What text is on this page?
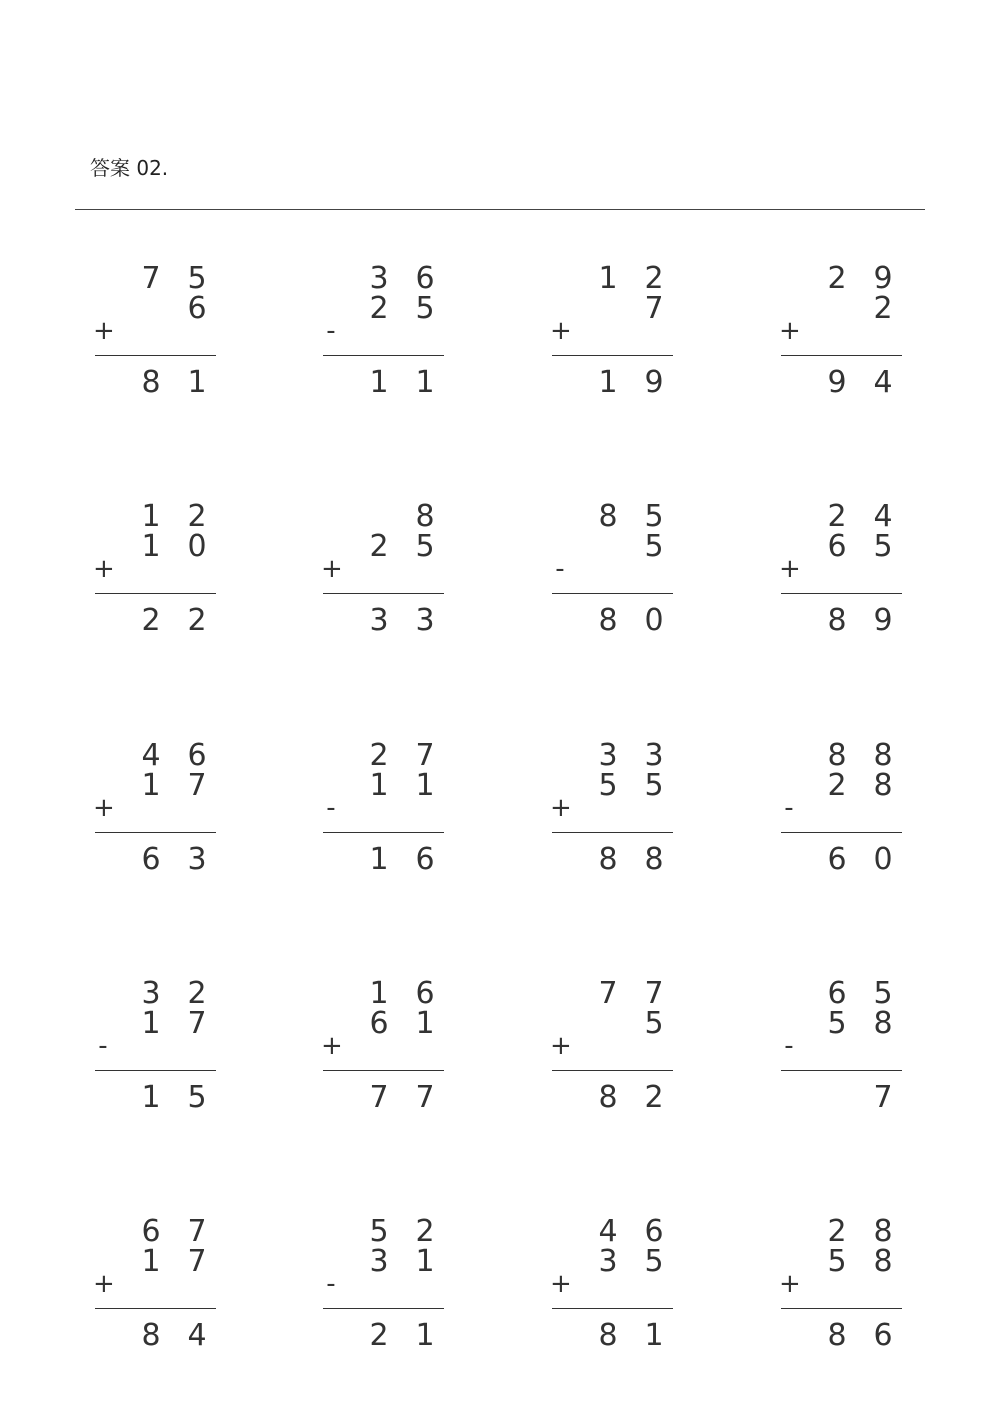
答案 02.
7 5
6
8 1
+
3 6
2 5
1 1
-
1 2
7
1 9
+
2 9
2
9 4
+
1 2
1 0
2 2
+
8
2 5
3 3
+
8 5
5
8 0
-
2 4
6 5
8 9
+
4 6
1 7
6 3
+
2 7
1 1
1 6
-
3 3
5 5
8 8
+
8 8
2 8
6 0
-
3 2
1 7
1 5
-
1 6
6 1
7 7
+
7 7
5
8 2
+
6 5
5 8
7
-
6 7
1 7
8 4
+
5 2
3 1
2 1
-
4 6
3 5
8 1
+
2 8
5 8
8 6
+
